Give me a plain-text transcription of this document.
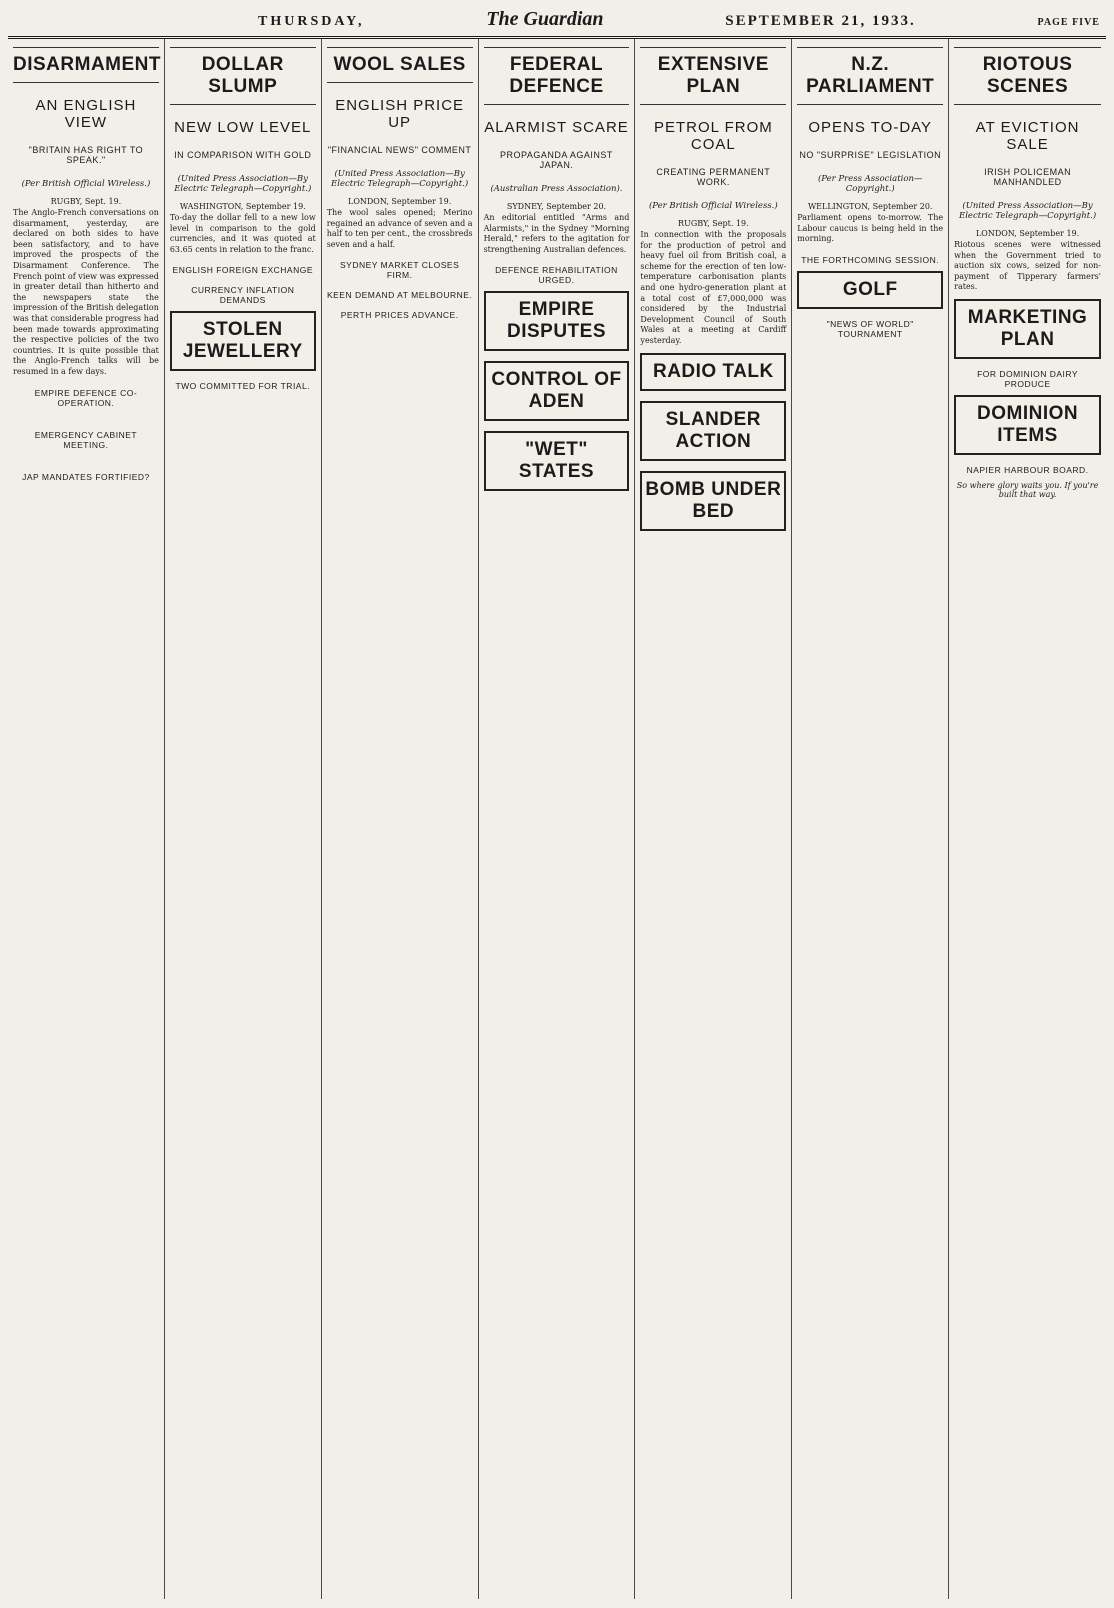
THURSDAY,	The Guardian	SEPTEMBER 21, 1933.	PAGE FIVE
DISARMAMENT
AN ENGLISH VIEW
"BRITAIN HAS RIGHT TO SPEAK."
(Per British Official Wireless.)
RUGBY, Sept. 19.

The Anglo-French conversations on disarmament, yesterday, are declared on both sides to have been satisfactory, and to have improved the prospects of the Disarmament Conference. The French point of view was expressed in greater detail than hitherto and the newspapers state the impression of the British delegation was that considerable progress had been made towards approximating the respective policies of the two countries. It is quite possible that the Anglo-French talks will be resumed in a few days.

EMPIRE DEFENCE CO-OPERATION.
EMERGENCY CABINET MEETING.
JAP MANDATES FORTIFIED?
DOLLAR SLUMP
NEW LOW LEVEL
IN COMPARISON WITH GOLD
(United Press Association—By Electric Telegraph—Copyright.)
WASHINGTON, September 19.

To-day the dollar fell to a new low level in comparison to the gold currencies, and it was quoted at 63.65 cents in relation to the franc.

ENGLISH FOREIGN EXCHANGE
CURRENCY INFLATION DEMANDS
STOLEN JEWELLERY
TWO COMMITTED FOR TRIAL.
WOOL SALES
ENGLISH PRICE UP
"FINANCIAL NEWS" COMMENT
(United Press Association—By Electric Telegraph—Copyright.)
LONDON, September 19.

The wool sales opened; Merino regained an advance of seven and a half to ten per cent., the crossbreds seven and a half.

SYDNEY MARKET CLOSES FIRM.
KEEN DEMAND AT MELBOURNE.
PERTH PRICES ADVANCE.
FEDERAL DEFENCE
ALARMIST SCARE
PROPAGANDA AGAINST JAPAN.
(Australian Press Association).
SYDNEY, September 20.

An editorial entitled "Arms and Alarmists," in the Sydney "Morning Herald," refers to the agitation for strengthening Australian defences.

DEFENCE REHABILITATION URGED.
EMPIRE DISPUTES
CONTROL OF ADEN
"WET" STATES
EXTENSIVE PLAN
PETROL FROM COAL
CREATING PERMANENT WORK.
(Per British Official Wireless.)
RUGBY, Sept. 19.

In connection with the proposals for the production of petrol and heavy fuel oil from British coal, a scheme for the erection of ten low-temperature carbonisation plants and one hydro-generation plant at a total cost of £7,000,000 was considered by the Industrial Development Council of South Wales at a meeting at Cardiff yesterday.

RADIO TALK
SLANDER ACTION
BOMB UNDER BED
N.Z. PARLIAMENT
OPENS TO-DAY
NO "SURPRISE" LEGISLATION
(Per Press Association—Copyright.)
WELLINGTON, September 20.

Parliament opens to-morrow. The Labour caucus is being held in the morning.

THE FORTHCOMING SESSION.
GOLF
"NEWS OF WORLD" TOURNAMENT
RIOTOUS SCENES
AT EVICTION SALE
IRISH POLICEMAN MANHANDLED
(United Press Association—By Electric Telegraph—Copyright.)
LONDON, September 19.

Riotous scenes were witnessed when the Government tried to auction six cows, seized for non-payment of Tipperary farmers' rates.

MARKETING PLAN
FOR DOMINION DAIRY PRODUCE
DOMINION ITEMS
NAPIER HARBOUR BOARD.
So where glory waits you. If you're built that way.
